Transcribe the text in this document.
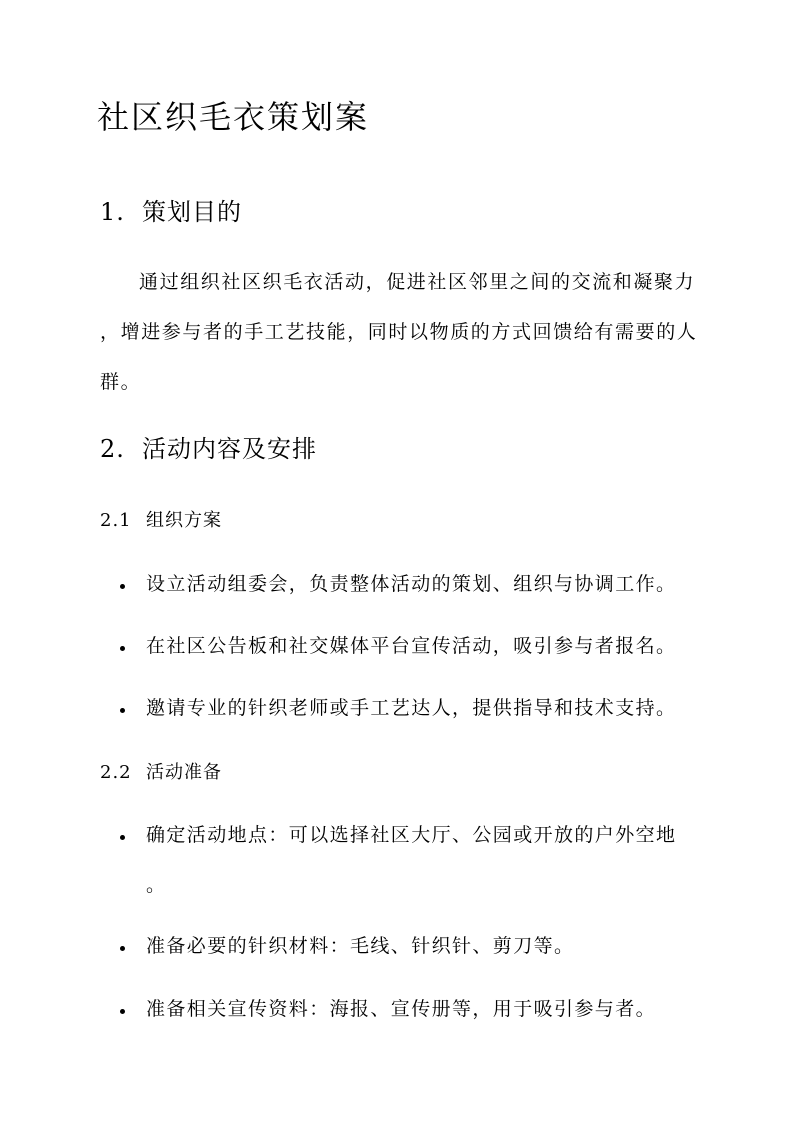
社区织毛衣策划案
1. 策划目的
通过组织社区织毛衣活动，促进社区邻里之间的交流和凝聚力
，增进参与者的手工艺技能，同时以物质的方式回馈给有需要的人
群。
2. 活动内容及安排
2.1 组织方案
设立活动组委会，负责整体活动的策划、组织与协调工作。
在社区公告板和社交媒体平台宣传活动，吸引参与者报名。
邀请专业的针织老师或手工艺达人，提供指导和技术支持。
2.2 活动准备
确定活动地点：可以选择社区大厅、公园或开放的户外空地
。
准备必要的针织材料：毛线、针织针、剪刀等。
准备相关宣传资料：海报、宣传册等，用于吸引参与者。
